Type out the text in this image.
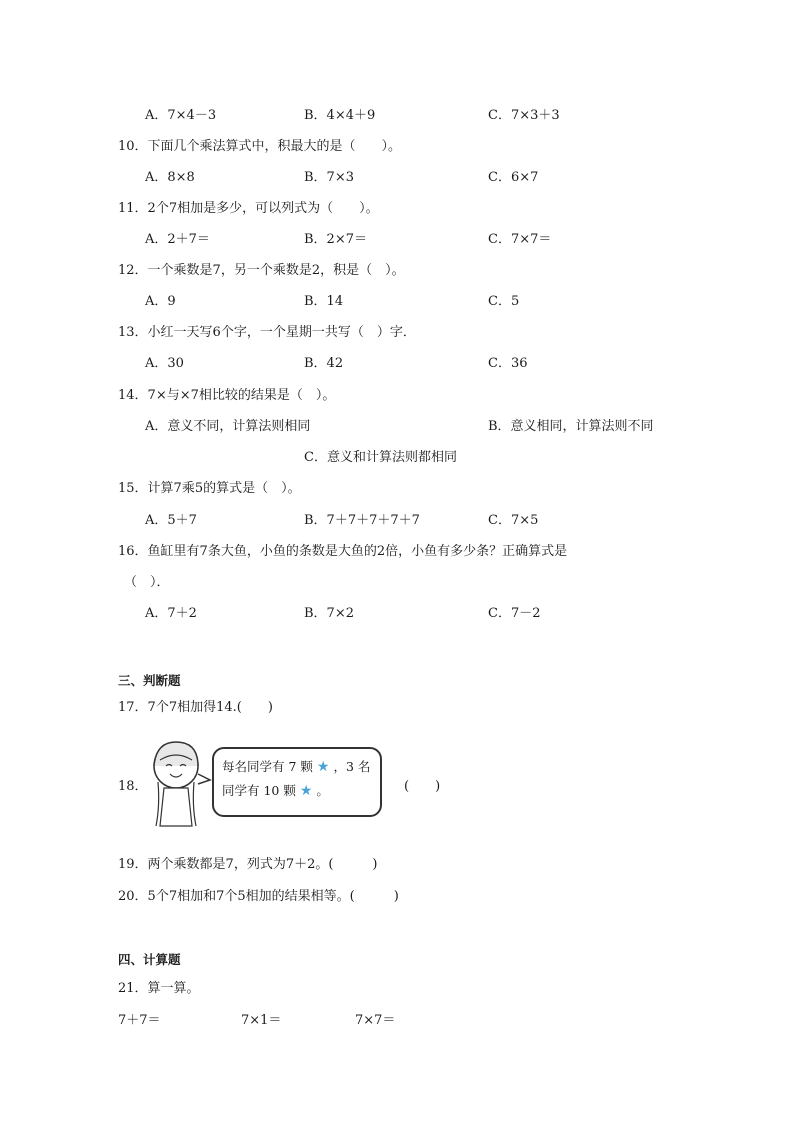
A．7×4－3	B．4×4＋9	C．7×3＋3
10．下面几个乘法算式中，积最大的是（　　）。
A．8×8	B．7×3	C．6×7
11．2个7相加是多少，可以列式为（　　）。
A．2＋7＝	B．2×7＝	C．7×7＝
12．一个乘数是7，另一个乘数是2，积是（　）。
A．9	B．14	C．5
13．小红一天写6个字，一个星期一共写（　）字．
A．30	B．42	C．36
14．7×与×7相比较的结果是（　）。
A．意义不同，计算法则相同	B．意义相同，计算法则不同
C．意义和计算法则都相同
15．计算7乘5的算式是（　）。
A．5＋7	B．7＋7＋7＋7＋7	C．7×5
16．鱼缸里有7条大鱼，小鱼的条数是大鱼的2倍，小鱼有多少条？正确算式是
（　）．
A．7＋2	B．7×2	C．7－2
三、判断题
17．7个7相加得14.(　　)
18．
每名同学有 7 颗 ★ ，3 名
同学有 10 颗 ★ 。	(　　)
19．两个乘数都是7，列式为7＋2。(　　　)
20．5个7相加和7个5相加的结果相等。(　　　)
四、计算题
21．算一算。
7＋7＝	7×1＝	7×7＝
